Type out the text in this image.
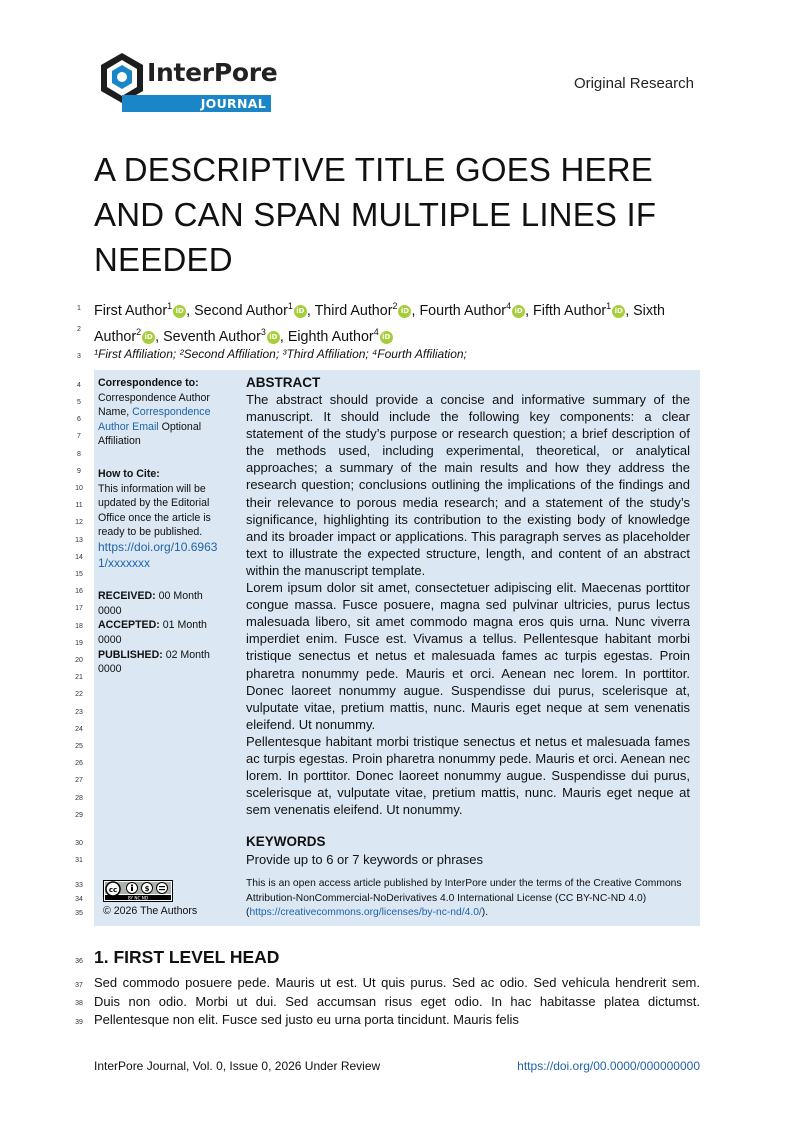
InterPore
JOURNAL
Original Research
A DESCRIPTIVE TITLE GOES HERE AND CAN SPAN MULTIPLE LINES IF NEEDED
First Author$^1$ iD , Second Author$^1$ iD , Third Author$^2$ iD , Fourth Author$^4$ iD , Fifth Author$^1$ iD , Sixth Author$^2$ iD , Seventh Author$^3$ iD , Eighth Author$^4$ iD
¹First Affiliation; ²Second Affiliation; ³Third Affiliation; ⁴Fourth Affiliation;
1
2
3
4
5
6
7
8
9
10
11
12
13
14
15
16
17
18
19
20
21
22
23
24
25
26
27
28
29
30
31
33
34
35
36
37
38
39
Correspondence to:
Correspondence Author Name, Correspondence Author Email Optional Affiliation
How to Cite:
This information will be updated by the Editorial Office once the article is ready to be published.
https://doi.org/10.69631/xxxxxxx
RECEIVED: 00 Month 0000
ACCEPTED: 01 Month 0000
PUBLISHED: 02 Month 0000
ABSTRACT

The abstract should provide a concise and informative summary of the manuscript. It should include the following key components: a clear statement of the study’s purpose or research question; a brief description of the methods used, including experimental, theoretical, or analytical approaches; a summary of the main results and how they address the research question; conclusions outlining the implications of the findings and their relevance to porous media research; and a statement of the study’s significance, highlighting its contribution to the existing body of knowledge and its broader impact or applications. This paragraph serves as placeholder text to illustrate the expected structure, length, and content of an abstract within the manuscript template.

Lorem ipsum dolor sit amet, consectetuer adipiscing elit. Maecenas porttitor congue massa. Fusce posuere, magna sed pulvinar ultricies, purus lectus malesuada libero, sit amet commodo magna eros quis urna. Nunc viverra imperdiet enim. Fusce est. Vivamus a tellus. Pellentesque habitant morbi tristique senectus et netus et malesuada fames ac turpis egestas. Proin pharetra nonummy pede. Mauris et orci. Aenean nec lorem. In porttitor. Donec laoreet nonummy augue. Suspendisse dui purus, scelerisque at, vulputate vitae, pretium mattis, nunc. Mauris eget neque at sem venenatis eleifend. Ut nonummy.

Pellentesque habitant morbi tristique senectus et netus et malesuada fames ac turpis egestas. Proin pharetra nonummy pede. Mauris et orci. Aenean nec lorem. In porttitor. Donec laoreet nonummy augue. Suspendisse dui purus, scelerisque at, vulputate vitae, pretium mattis, nunc. Mauris eget neque at sem venenatis eleifend. Ut nonummy.

KEYWORDS
Provide up to 6 or 7 keywords or phrases
cc	$
BY NC ND
© 2026 The Authors
This is an open access article published by InterPore under the terms of the Creative Commons Attribution-NonCommercial-NoDerivatives 4.0 International License (CC BY-NC-ND 4.0) (https://creativecommons.org/licenses/by-nc-nd/4.0/).
1. FIRST LEVEL HEAD
Sed commodo posuere pede. Mauris ut est. Ut quis purus. Sed ac odio. Sed vehicula hendrerit sem. Duis non odio. Morbi ut dui. Sed accumsan risus eget odio. In hac habitasse platea dictumst. Pellentesque non elit. Fusce sed justo eu urna porta tincidunt. Mauris felis
InterPore Journal, Vol. 0, Issue 0, 2026 Under Review	https://doi.org/00.0000/000000000
